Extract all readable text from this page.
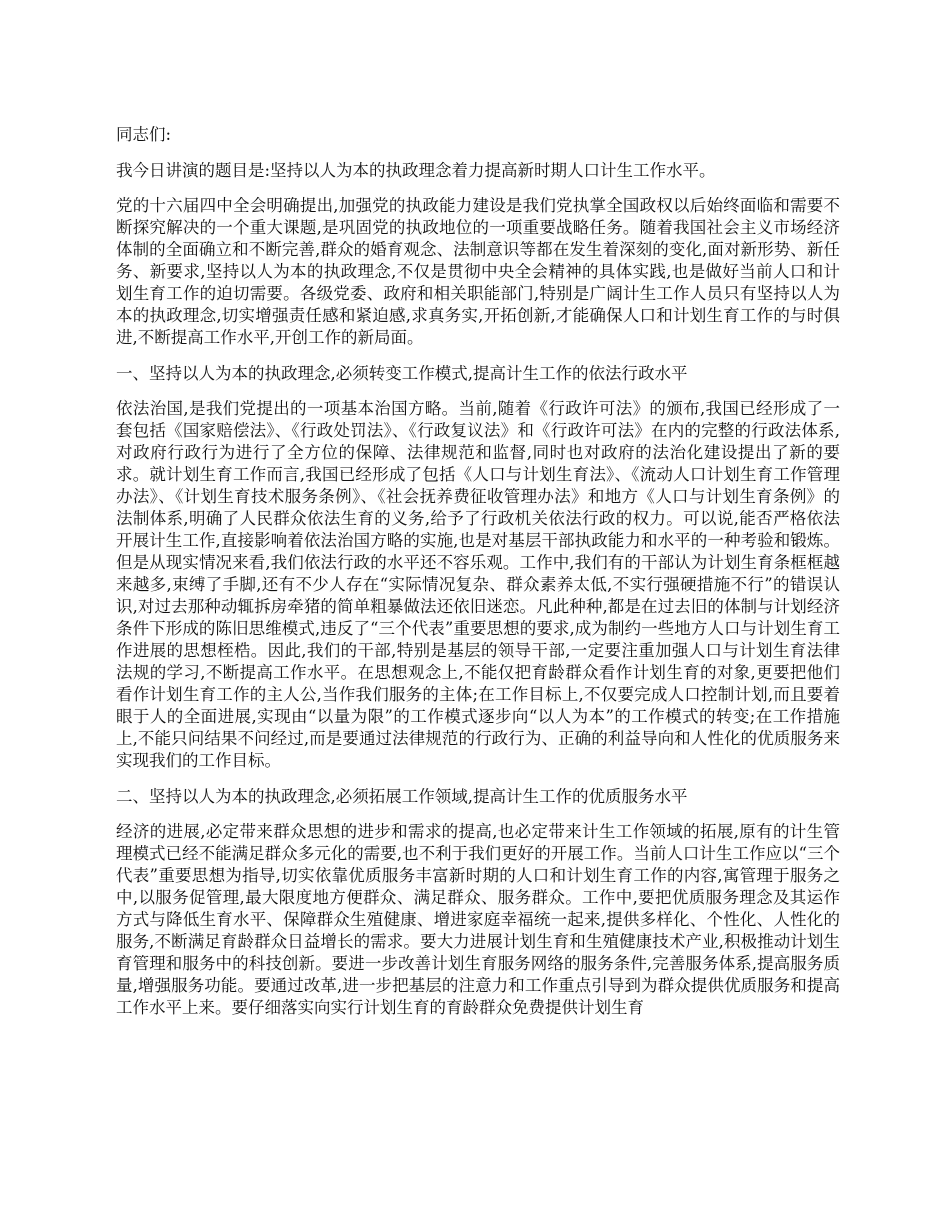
同志们:

我今日讲演的题目是:坚持以人为本的执政理念着力提高新时期人口计生工作水平。

党的十六届四中全会明确提出,加强党的执政能力建设是我们党执掌全国政权以后始终面临和需要不断探究解决的一个重大课题,是巩固党的执政地位的一项重要战略任务。随着我国社会主义市场经济体制的全面确立和不断完善,群众的婚育观念、法制意识等都在发生着深刻的变化,面对新形势、新任务、新要求,坚持以人为本的执政理念,不仅是贯彻中央全会精神的具体实践,也是做好当前人口和计划生育工作的迫切需要。各级党委、政府和相关职能部门,特别是广阔计生工作人员只有坚持以人为本的执政理念,切实增强责任感和紧迫感,求真务实,开拓创新,才能确保人口和计划生育工作的与时俱进,不断提高工作水平,开创工作的新局面。

一、坚持以人为本的执政理念,必须转变工作模式,提高计生工作的依法行政水平

依法治国,是我们党提出的一项基本治国方略。当前,随着《行政许可法》的颁布,我国已经形成了一套包括《国家赔偿法》、《行政处罚法》、《行政复议法》和《行政许可法》在内的完整的行政法体系,对政府行政行为进行了全方位的保障、法律规范和监督,同时也对政府的法治化建设提出了新的要求。就计划生育工作而言,我国已经形成了包括《人口与计划生育法》、《流动人口计划生育工作管理办法》、《计划生育技术服务条例》、《社会抚养费征收管理办法》和地方《人口与计划生育条例》的法制体系,明确了人民群众依法生育的义务,给予了行政机关依法行政的权力。可以说,能否严格依法开展计生工作,直接影响着依法治国方略的实施,也是对基层干部执政能力和水平的一种考验和锻炼。但是从现实情况来看,我们依法行政的水平还不容乐观。工作中,我们有的干部认为计划生育条框框越来越多,束缚了手脚,还有不少人存在“实际情况复杂、群众素养太低,不实行强硬措施不行”的错误认识,对过去那种动辄拆房牵猪的简单粗暴做法还依旧迷恋。凡此种种,都是在过去旧的体制与计划经济条件下形成的陈旧思维模式,违反了“三个代表”重要思想的要求,成为制约一些地方人口与计划生育工作进展的思想桎梏。因此,我们的干部,特别是基层的领导干部,一定要注重加强人口与计划生育法律法规的学习,不断提高工作水平。在思想观念上,不能仅把育龄群众看作计划生育的对象,更要把他们看作计划生育工作的主人公,当作我们服务的主体;在工作目标上,不仅要完成人口控制计划,而且要着眼于人的全面进展,实现由“以量为限”的工作模式逐步向“以人为本”的工作模式的转变;在工作措施上,不能只问结果不问经过,而是要通过法律规范的行政行为、正确的利益导向和人性化的优质服务来实现我们的工作目标。

二、坚持以人为本的执政理念,必须拓展工作领域,提高计生工作的优质服务水平

经济的进展,必定带来群众思想的进步和需求的提高,也必定带来计生工作领域的拓展,原有的计生管理模式已经不能满足群众多元化的需要,也不利于我们更好的开展工作。当前人口计生工作应以“三个代表”重要思想为指导,切实依靠优质服务丰富新时期的人口和计划生育工作的内容,寓管理于服务之中,以服务促管理,最大限度地方便群众、满足群众、服务群众。工作中,要把优质服务理念及其运作方式与降低生育水平、保障群众生殖健康、增进家庭幸福统一起来,提供多样化、个性化、人性化的服务,不断满足育龄群众日益增长的需求。要大力进展计划生育和生殖健康技术产业,积极推动计划生育管理和服务中的科技创新。要进一步改善计划生育服务网络的服务条件,完善服务体系,提高服务质量,增强服务功能。要通过改革,进一步把基层的注意力和工作重点引导到为群众提供优质服务和提高工作水平上来。要仔细落实向实行计划生育的育龄群众免费提供计划生育
